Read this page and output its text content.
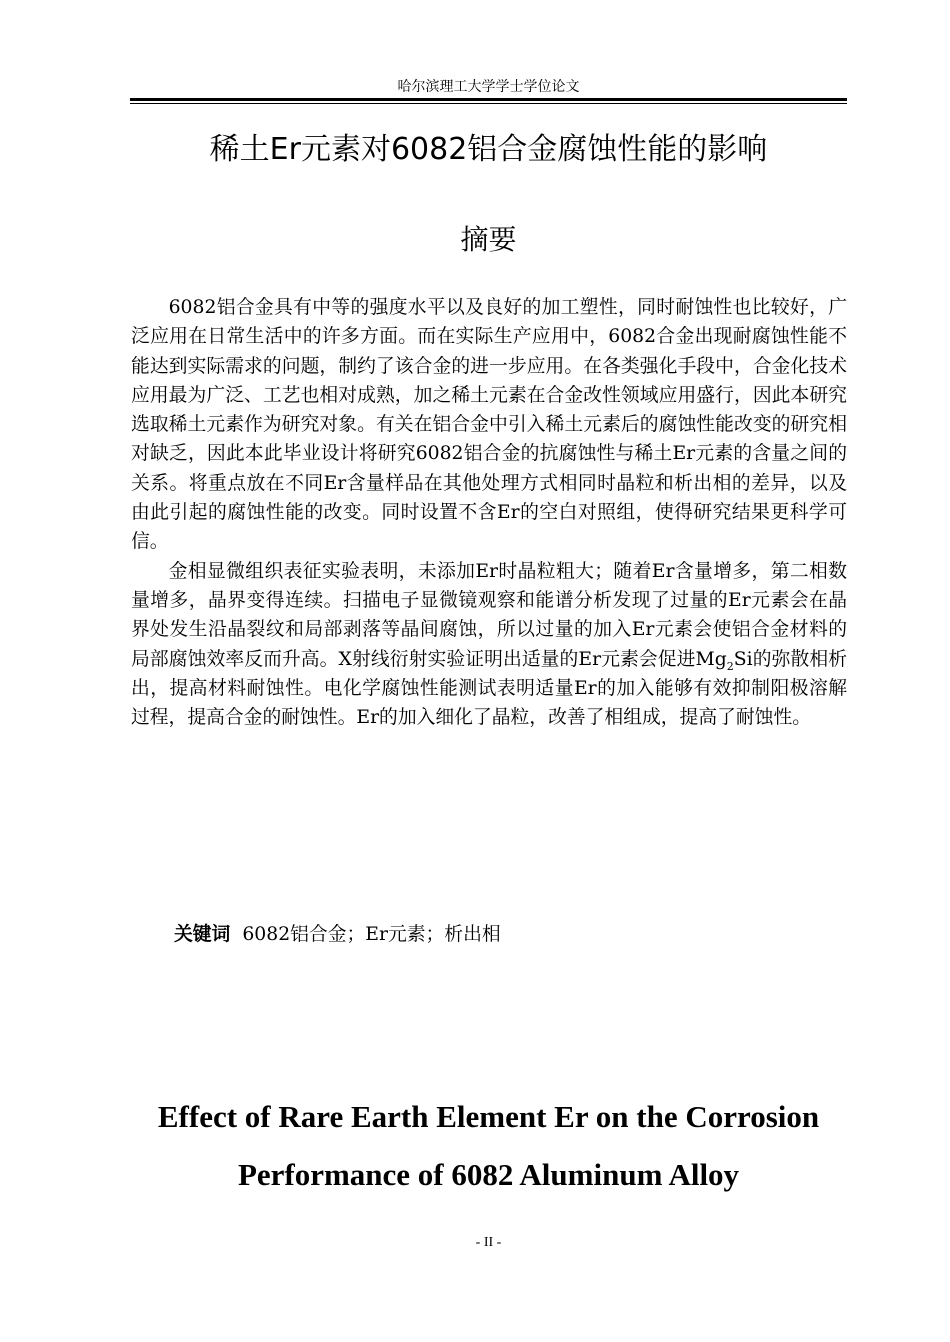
哈尔滨理工大学学士学位论文
稀土Er元素对6082铝合金腐蚀性能的影响
摘要

6082铝合金具有中等的强度水平以及良好的加工塑性，同时耐蚀性也比较好，广泛应用在日常生活中的许多方面。而在实际生产应用中，6082合金出现耐腐蚀性能不能达到实际需求的问题，制约了该合金的进一步应用。在各类强化手段中，合金化技术应用最为广泛、工艺也相对成熟，加之稀土元素在合金改性领域应用盛行，因此本研究选取稀土元素作为研究对象。有关在铝合金中引入稀土元素后的腐蚀性能改变的研究相对缺乏，因此本此毕业设计将研究6082铝合金的抗腐蚀性与稀土Er元素的含量之间的关系。将重点放在不同Er含量样品在其他处理方式相同时晶粒和析出相的差异，以及由此引起的腐蚀性能的改变。同时设置不含Er的空白对照组，使得研究结果更科学可信。

金相显微组织表征实验表明，未添加Er时晶粒粗大；随着Er含量增多，第二相数量增多，晶界变得连续。扫描电子显微镜观察和能谱分析发现了过量的Er元素会在晶界处发生沿晶裂纹和局部剥落等晶间腐蚀，所以过量的加入Er元素会使铝合金材料的局部腐蚀效率反而升高。X射线衍射实验证明出适量的Er元素会促进$Mg_2Si$的弥散相析出，提高材料耐蚀性。电化学腐蚀性能测试表明适量Er的加入能够有效抑制阳极溶解过程，提高合金的耐蚀性。Er的加入细化了晶粒，改善了相组成，提高了耐蚀性。

关键词 6082铝合金；Er元素；析出相
Effect of Rare Earth Element Er on the Corrosion
Performance of 6082 Aluminum Alloy
- II -
